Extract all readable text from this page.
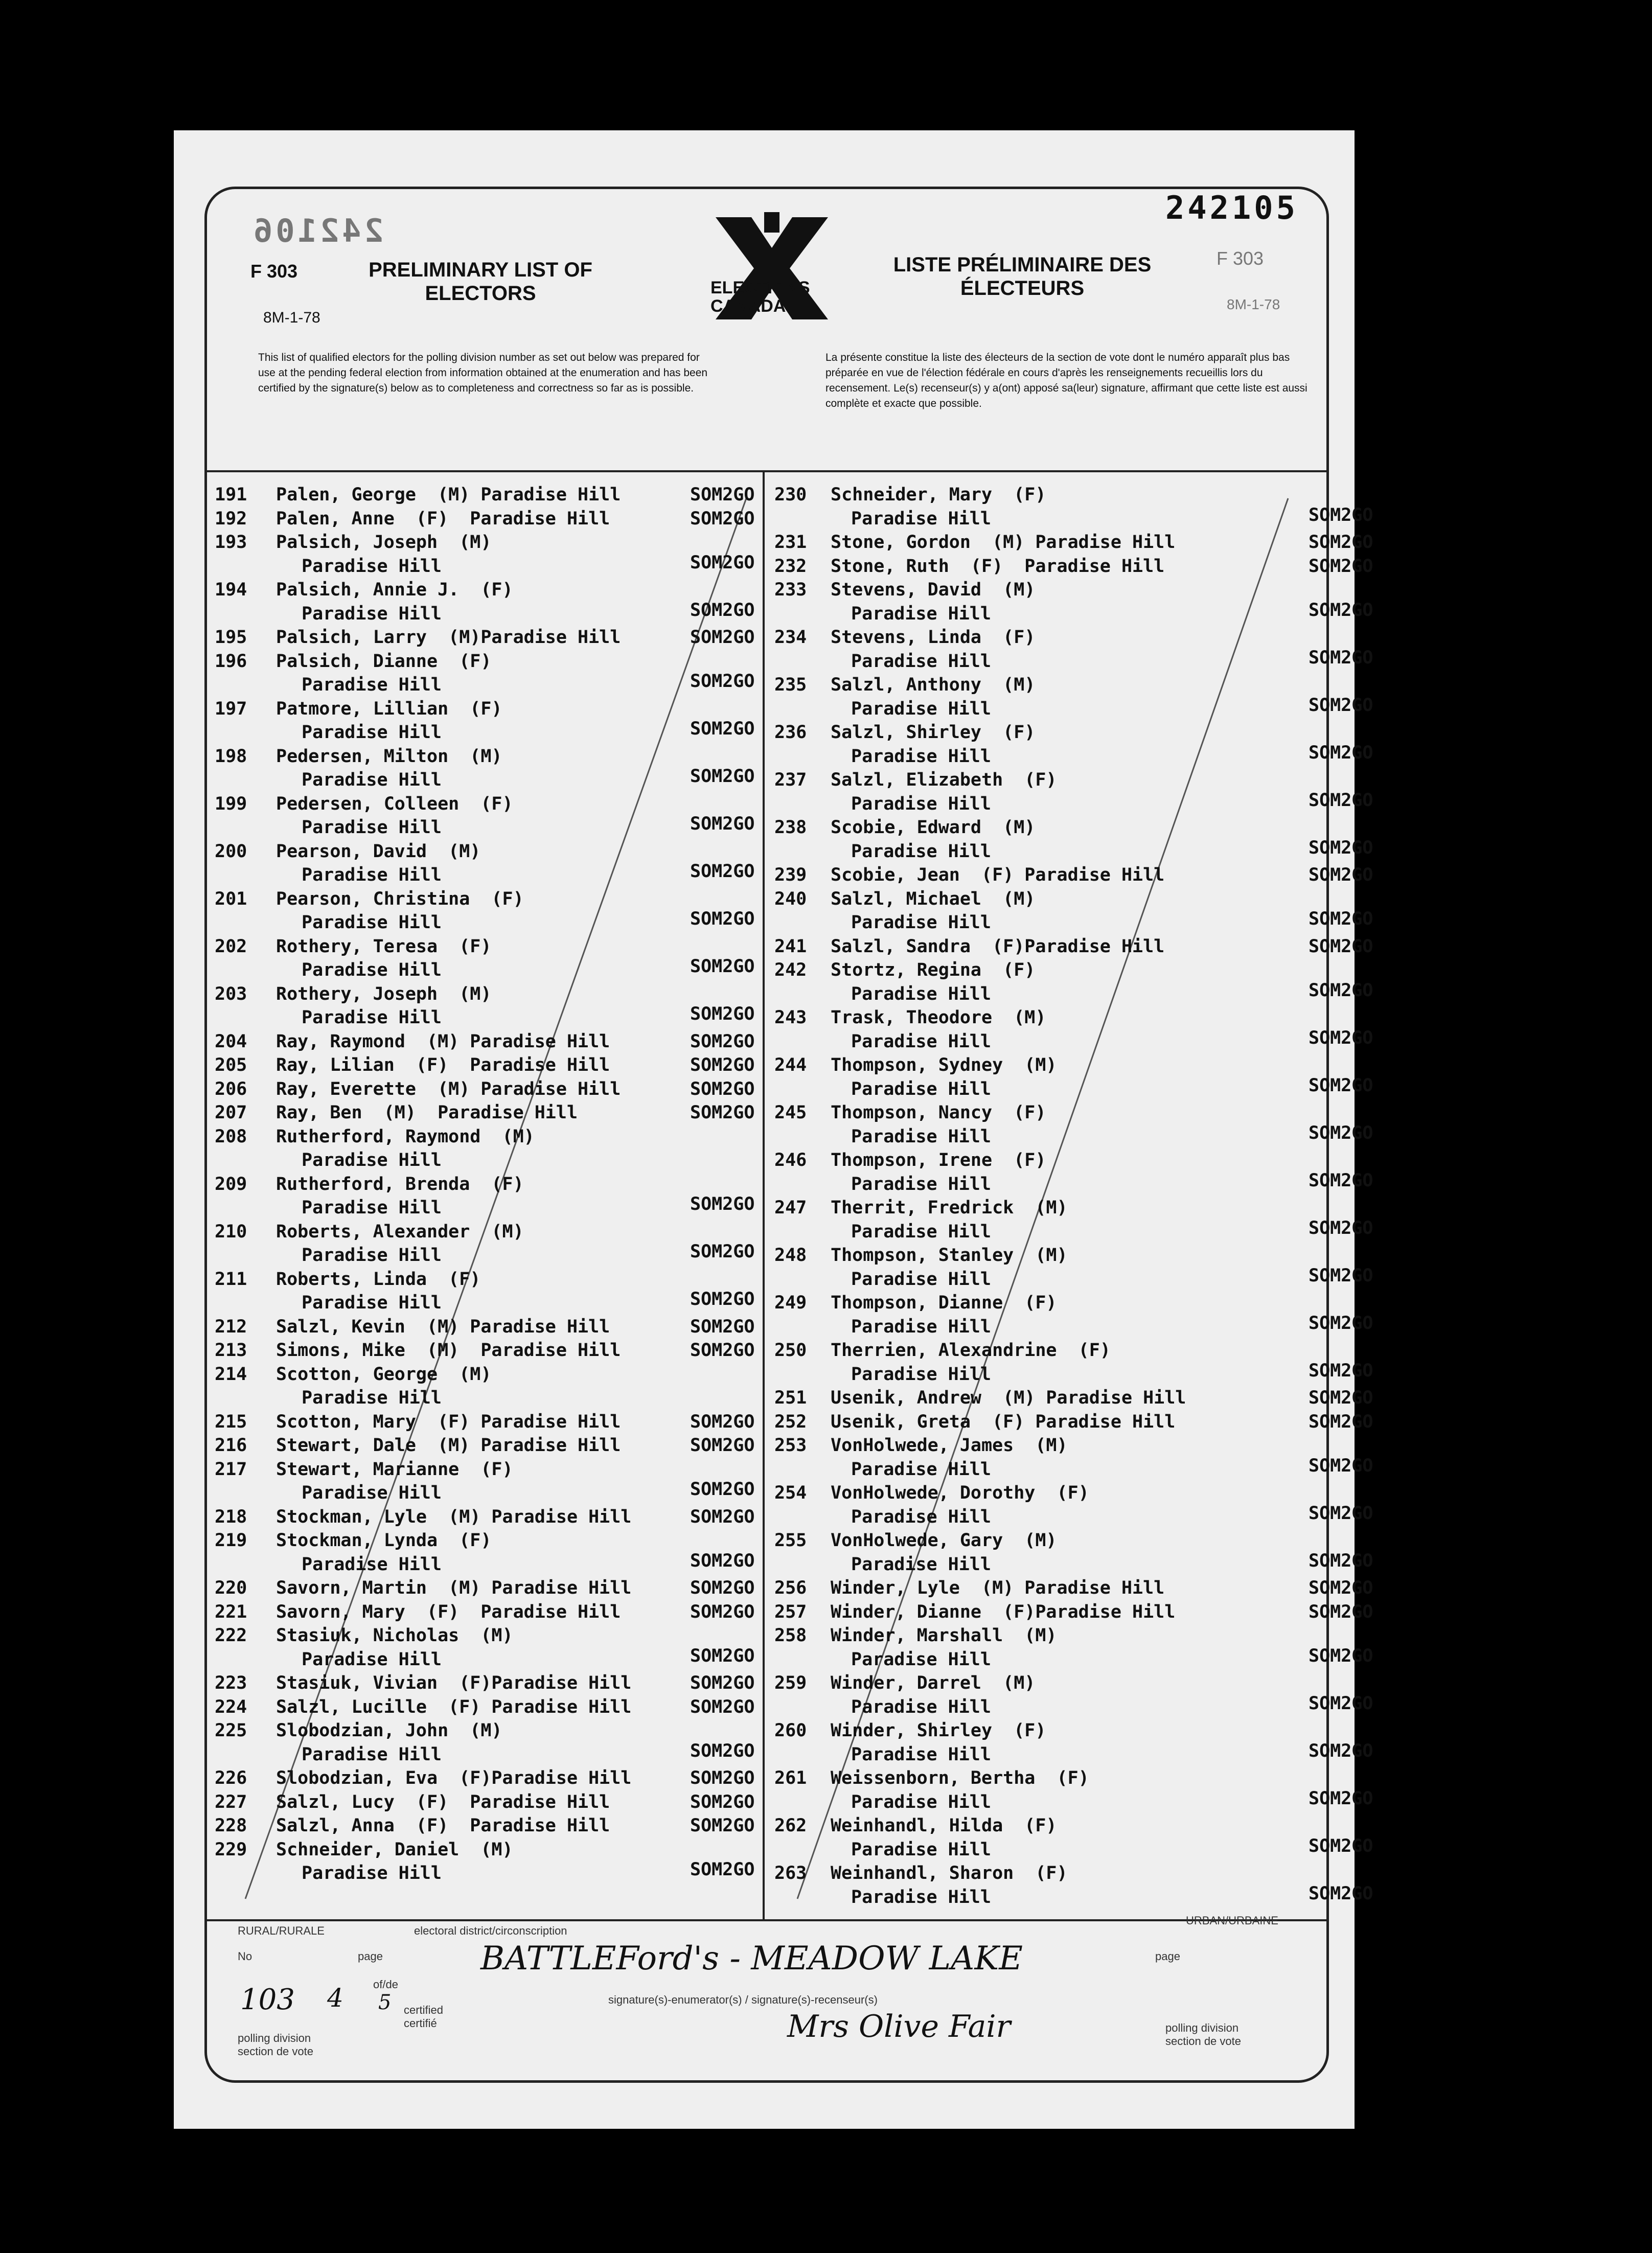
242106
242105
F 303
8M-1-78
F 303
8M-1-78
PRELIMINARY LIST OF ELECTORS
LISTE PRÉLIMINAIRE DES ÉLECTEURS
ELECTIONS
CANADA
This list of qualified electors for the polling division number as set out below was prepared for use at the pending federal election from information obtained at the enumeration and has been certified by the signature(s) below as to completeness and correctness so far as is possible.
La présente constitue la liste des électeurs de la section de vote dont le numéro apparaît plus bas préparée en vue de l'élection fédérale en cours d'après les renseignements recueillis lors du recensement. Le(s) recenseur(s) y a(ont) apposé sa(leur) signature, affirmant que cette liste est aussi complète et exacte que possible.
191	Palen, George  (M) Paradise Hill	SOM2GO
192	Palen, Anne  (F)  Paradise Hill	SOM2GO
193	Palsich, Joseph  (M)
Paradise Hill	SOM2GO
194	Palsich, Annie J.  (F)
Paradise Hill	SOM2GO
195	Palsich, Larry  (M)Paradise Hill	SOM2GO
196	Palsich, Dianne  (F)
Paradise Hill	SOM2GO
197	Patmore, Lillian  (F)
Paradise Hill	SOM2GO
198	Pedersen, Milton  (M)
Paradise Hill	SOM2GO
199	Pedersen, Colleen  (F)
Paradise Hill	SOM2GO
200	Pearson, David  (M)
Paradise Hill	SOM2GO
201	Pearson, Christina  (F)
Paradise Hill	SOM2GO
202	Rothery, Teresa  (F)
Paradise Hill	SOM2GO
203	Rothery, Joseph  (M)
Paradise Hill	SOM2GO
204	Ray, Raymond  (M) Paradise Hill	SOM2GO
205	Ray, Lilian  (F)  Paradise Hill	SOM2GO
206	Ray, Everette  (M) Paradise Hill	SOM2GO
207	Ray, Ben  (M)  Paradise Hill	SOM2GO
208	Rutherford, Raymond  (M)
Paradise Hill
209	Rutherford, Brenda  (F)
Paradise Hill	SOM2GO
210	Roberts, Alexander  (M)
Paradise Hill	SOM2GO
211	Roberts, Linda  (F)
Paradise Hill	SOM2GO
212	Salzl, Kevin  (M) Paradise Hill	SOM2GO
213	Simons, Mike  (M)  Paradise Hill	SOM2GO
214	Scotton, George  (M)
Paradise Hill
215	Scotton, Mary  (F) Paradise Hill	SOM2GO
216	Stewart, Dale  (M) Paradise Hill	SOM2GO
217	Stewart, Marianne  (F)
Paradise Hill	SOM2GO
218	Stockman, Lyle  (M) Paradise Hill	SOM2GO
219	Stockman, Lynda  (F)
Paradise Hill	SOM2GO
220	Savorn, Martin  (M) Paradise Hill	SOM2GO
221	Savorn, Mary  (F)  Paradise Hill	SOM2GO
222	Stasiuk, Nicholas  (M)
Paradise Hill	SOM2GO
223	Stasiuk, Vivian  (F)Paradise Hill	SOM2GO
224	Salzl, Lucille  (F) Paradise Hill	SOM2GO
225	Slobodzian, John  (M)
Paradise Hill	SOM2GO
226	Slobodzian, Eva  (F)Paradise Hill	SOM2GO
227	Salzl, Lucy  (F)  Paradise Hill	SOM2GO
228	Salzl, Anna  (F)  Paradise Hill	SOM2GO
229	Schneider, Daniel  (M)
Paradise Hill	SOM2GO
230	Schneider, Mary  (F)
Paradise Hill	SOM2GO
231	Stone, Gordon  (M) Paradise Hill	SOM2GO
232	Stone, Ruth  (F)  Paradise Hill	SOM2GO
233	Stevens, David  (M)
Paradise Hill	SOM2GO
234	Stevens, Linda  (F)
Paradise Hill	SOM2GO
235	Salzl, Anthony  (M)
Paradise Hill	SOM2GO
236	Salzl, Shirley  (F)
Paradise Hill	SOM2GO
237	Salzl, Elizabeth  (F)
Paradise Hill	SOM2GO
238	Scobie, Edward  (M)
Paradise Hill	SOM2GO
239	Scobie, Jean  (F) Paradise Hill	SOM2GO
240	Salzl, Michael  (M)
Paradise Hill	SOM2GO
241	Salzl, Sandra  (F)Paradise Hill	SOM2GO
242	Stortz, Regina  (F)
Paradise Hill	SOM2GO
243	Trask, Theodore  (M)
Paradise Hill	SOM2GO
244	Thompson, Sydney  (M)
Paradise Hill	SOM2GO
245	Thompson, Nancy  (F)
Paradise Hill	SOM2GO
246	Thompson, Irene  (F)
Paradise Hill	SOM2GO
247	Therrit, Fredrick  (M)
Paradise Hill	SOM2GO
248	Thompson, Stanley  (M)
Paradise Hill	SOM2GO
249	Thompson, Dianne  (F)
Paradise Hill	SOM2GO
250	Therrien, Alexandrine  (F)
Paradise Hill	SOM2GO
251	Usenik, Andrew  (M) Paradise Hill	SOM2GO
252	Usenik, Greta  (F) Paradise Hill	SOM2GO
253	VonHolwede, James  (M)
Paradise Hill	SOM2GO
254	VonHolwede, Dorothy  (F)
Paradise Hill	SOM2GO
255	VonHolwede, Gary  (M)
Paradise Hill	SOM2GO
256	Winder, Lyle  (M) Paradise Hill	SOM2GO
257	Winder, Dianne  (F)Paradise Hill	SOM2GO
258	Winder, Marshall  (M)
Paradise Hill	SOM2GO
259	Winder, Darrel  (M)
Paradise Hill	SOM2GO
260	Winder, Shirley  (F)
Paradise Hill	SOM2GO
261	Weissenborn, Bertha  (F)
Paradise Hill	SOM2GO
262	Weinhandl, Hilda  (F)
Paradise Hill	SOM2GO
263	Weinhandl, Sharon  (F)
Paradise Hill	SOM2GO
RURAL/RURALE	electoral district/circonscription
URBAN/URBAINE
No	page	page
of/de
certified certifié
signature(s)-enumerator(s) / signature(s)-recenseur(s)
polling division section de vote
polling division section de vote
BATTLEFord's - MEADOW LAKE
Mrs Olive Fair
103 4 5
